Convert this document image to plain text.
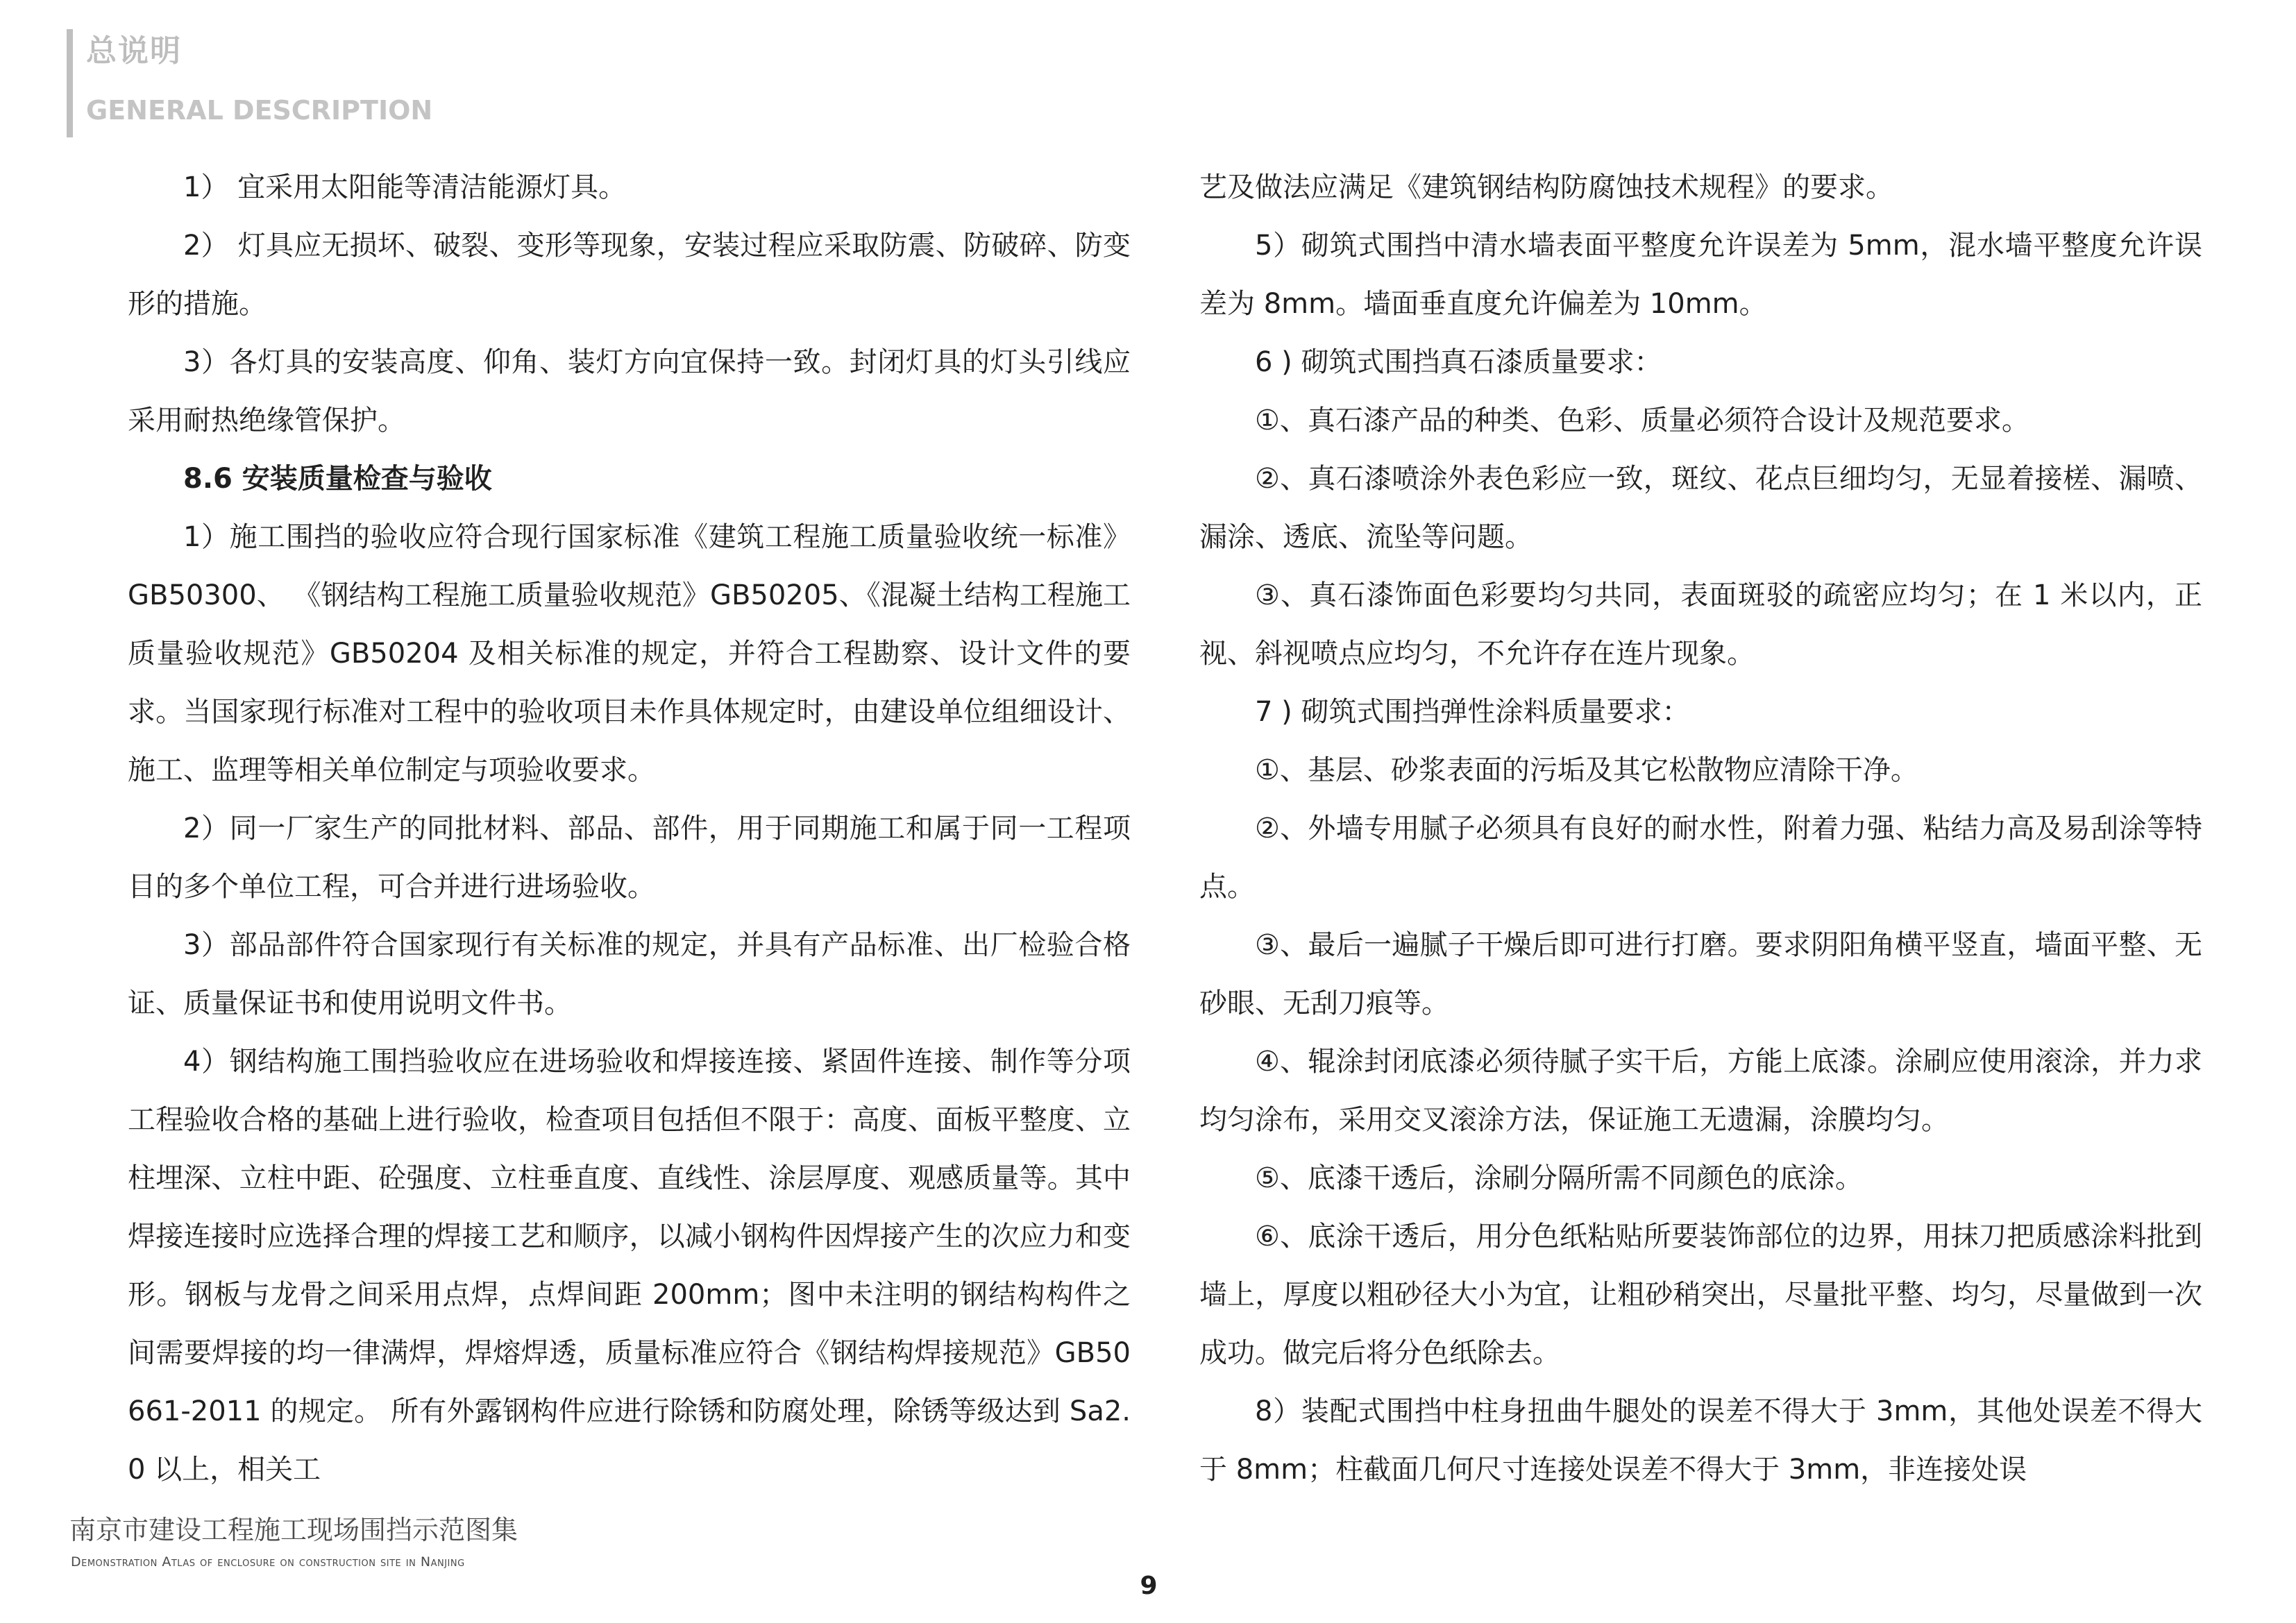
总说明
GENERAL DESCRIPTION

1） 宜采用太阳能等清洁能源灯具。

2） 灯具应无损坏、破裂、变形等现象，安装过程应采取防震、防破碎、防变形的措施。

3）各灯具的安装高度、仰角、装灯方向宜保持一致。封闭灯具的灯头引线应采用耐热绝缘管保护。

8.6 安装质量检查与验收

1）施工围挡的验收应符合现行国家标准《建筑工程施工质量验收统一标准》GB50300、 《钢结构工程施工质量验收规范》GB50205、《混凝土结构工程施工质量验收规范》GB50204 及相关标准的规定，并符合工程勘察、设计文件的要求。当国家现行标准对工程中的验收项目未作具体规定时，由建设单位组细设计、施工、监理等相关单位制定与项验收要求。

2）同一厂家生产的同批材料、部品、部件，用于同期施工和属于同一工程项目的多个单位工程，可合并进行进场验收。

3）部品部件符合国家现行有关标准的规定，并具有产品标准、出厂检验合格证、质量保证书和使用说明文件书。

4）钢结构施工围挡验收应在进场验收和焊接连接、紧固件连接、制作等分项工程验收合格的基础上进行验收，检查项目包括但不限于：高度、面板平整度、立柱埋深、立柱中距、砼强度、立柱垂直度、直线性、涂层厚度、观感质量等。其中焊接连接时应选择合理的焊接工艺和顺序，以减小钢构件因焊接产生的次应力和变形。钢板与龙骨之间采用点焊，点焊间距 200mm；图中未注明的钢结构构件之间需要焊接的均一律满焊，焊熔焊透，质量标准应符合《钢结构焊接规范》GB50661-2011 的规定。 所有外露钢构件应进行除锈和防腐处理，除锈等级达到 Sa2.0 以上，相关工

艺及做法应满足《建筑钢结构防腐蚀技术规程》的要求。

5）砌筑式围挡中清水墙表面平整度允许误差为 5mm，混水墙平整度允许误差为 8mm。墙面垂直度允许偏差为 10mm。

6 ) 砌筑式围挡真石漆质量要求：

①、真石漆产品的种类、色彩、质量必须符合设计及规范要求。

②、真石漆喷涂外表色彩应一致，斑纹、花点巨细均匀，无显着接槎、漏喷、漏涂、透底、流坠等问题。

③、真石漆饰面色彩要均匀共同，表面斑驳的疏密应均匀；在 1 米以内，正视、斜视喷点应均匀，不允许存在连片现象。

7 ) 砌筑式围挡弹性涂料质量要求：

①、基层、砂浆表面的污垢及其它松散物应清除干净。

②、外墙专用腻子必须具有良好的耐水性，附着力强、粘结力高及易刮涂等特点。

③、最后一遍腻子干燥后即可进行打磨。要求阴阳角横平竖直，墙面平整、无砂眼、无刮刀痕等。

④、辊涂封闭底漆必须待腻子实干后，方能上底漆。涂刷应使用滚涂，并力求均匀涂布，采用交叉滚涂方法，保证施工无遗漏，涂膜均匀。

⑤、底漆干透后，涂刷分隔所需不同颜色的底涂。

⑥、底涂干透后，用分色纸粘贴所要装饰部位的边界，用抹刀把质感涂料批到墙上，厚度以粗砂径大小为宜，让粗砂稍突出，尽量批平整、均匀，尽量做到一次成功。做完后将分色纸除去。

8）装配式围挡中柱身扭曲牛腿处的误差不得大于 3mm，其他处误差不得大于 8mm；柱截面几何尺寸连接处误差不得大于 3mm，非连接处误

南京市建设工程施工现场围挡示范图集
Demonstration Atlas of enclosure on construction site in Nanjing
9
